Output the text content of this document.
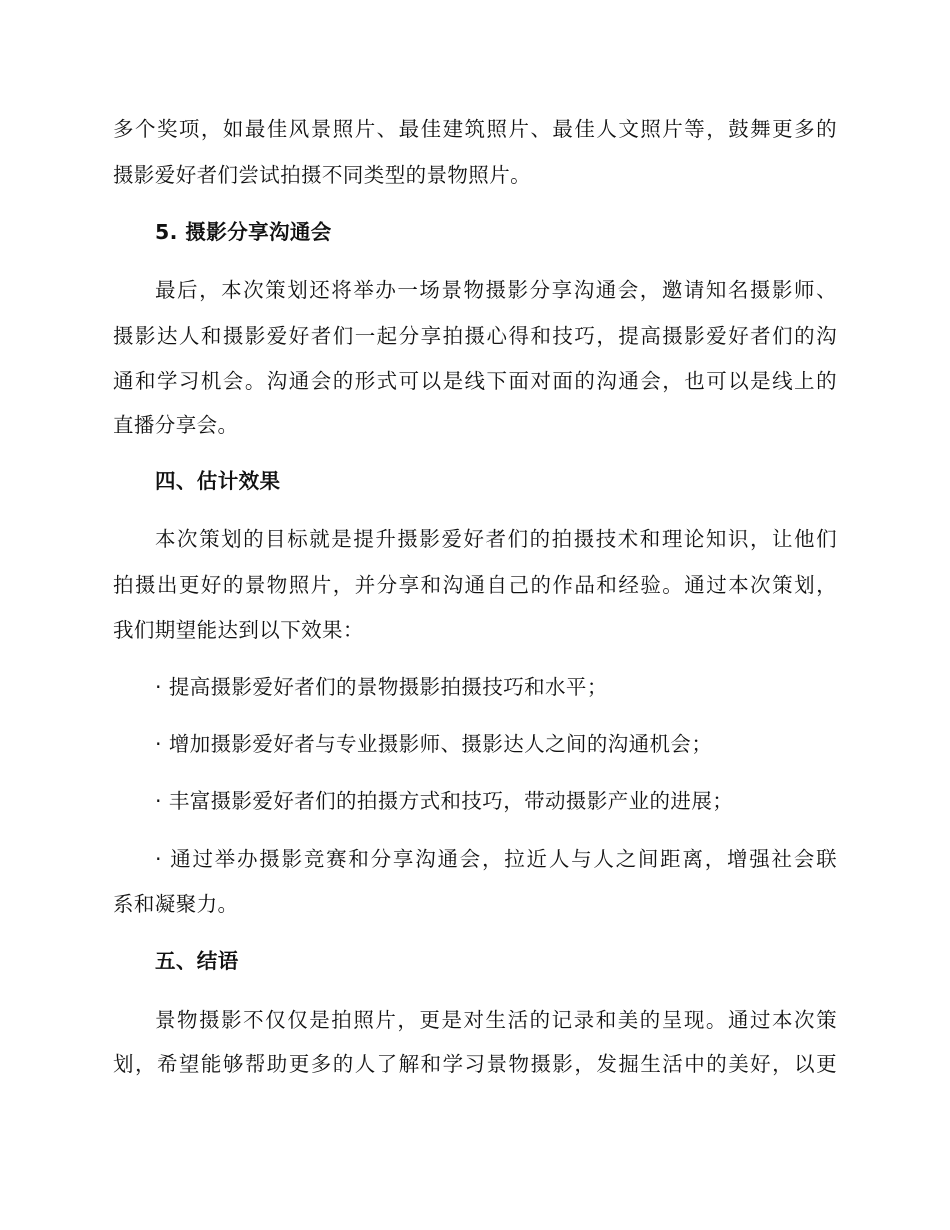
多个奖项，如最佳风景照片、最佳建筑照片、最佳人文照片等，鼓舞更多的
摄影爱好者们尝试拍摄不同类型的景物照片。
5. 摄影分享沟通会
最后，本次策划还将举办一场景物摄影分享沟通会，邀请知名摄影师、
摄影达人和摄影爱好者们一起分享拍摄心得和技巧，提高摄影爱好者们的沟
通和学习机会。沟通会的形式可以是线下面对面的沟通会，也可以是线上的
直播分享会。
四、估计效果
本次策划的目标就是提升摄影爱好者们的拍摄技术和理论知识，让他们
拍摄出更好的景物照片，并分享和沟通自己的作品和经验。通过本次策划，
我们期望能达到以下效果：
· 提高摄影爱好者们的景物摄影拍摄技巧和水平；
· 增加摄影爱好者与专业摄影师、摄影达人之间的沟通机会；
· 丰富摄影爱好者们的拍摄方式和技巧，带动摄影产业的进展；
· 通过举办摄影竞赛和分享沟通会，拉近人与人之间距离，增强社会联
系和凝聚力。
五、结语
景物摄影不仅仅是拍照片，更是对生活的记录和美的呈现。通过本次策
划，希望能够帮助更多的人了解和学习景物摄影，发掘生活中的美好，以更
